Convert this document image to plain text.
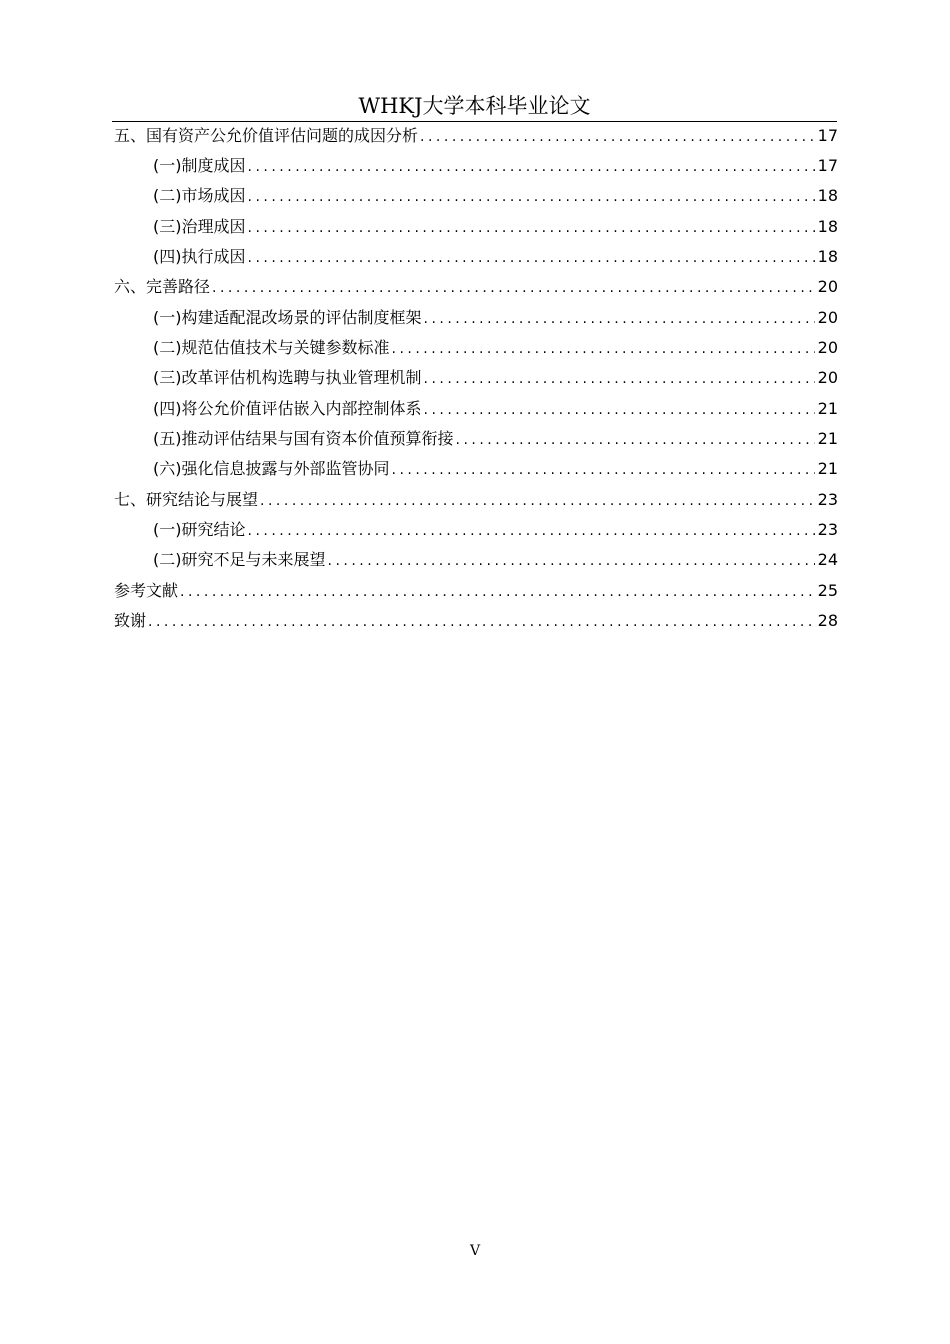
WHKJ大学本科毕业论文
五、国有资产公允价值评估问题的成因分析 .....	17
(一)制度成因 .....	17
(二)市场成因 .....	18
(三)治理成因 .....	18
(四)执行成因 .....	18
六、完善路径 .....	20
(一)构建适配混改场景的评估制度框架 .....	20
(二)规范估值技术与关键参数标准 .....	20
(三)改革评估机构选聘与执业管理机制 .....	20
(四)将公允价值评估嵌入内部控制体系 .....	21
(五)推动评估结果与国有资本价值预算衔接 .....	21
(六)强化信息披露与外部监管协同 .....	21
七、研究结论与展望 .....	23
(一)研究结论 .....	23
(二)研究不足与未来展望 .....	24
参考文献 .....	25
致谢 .....	28
V
